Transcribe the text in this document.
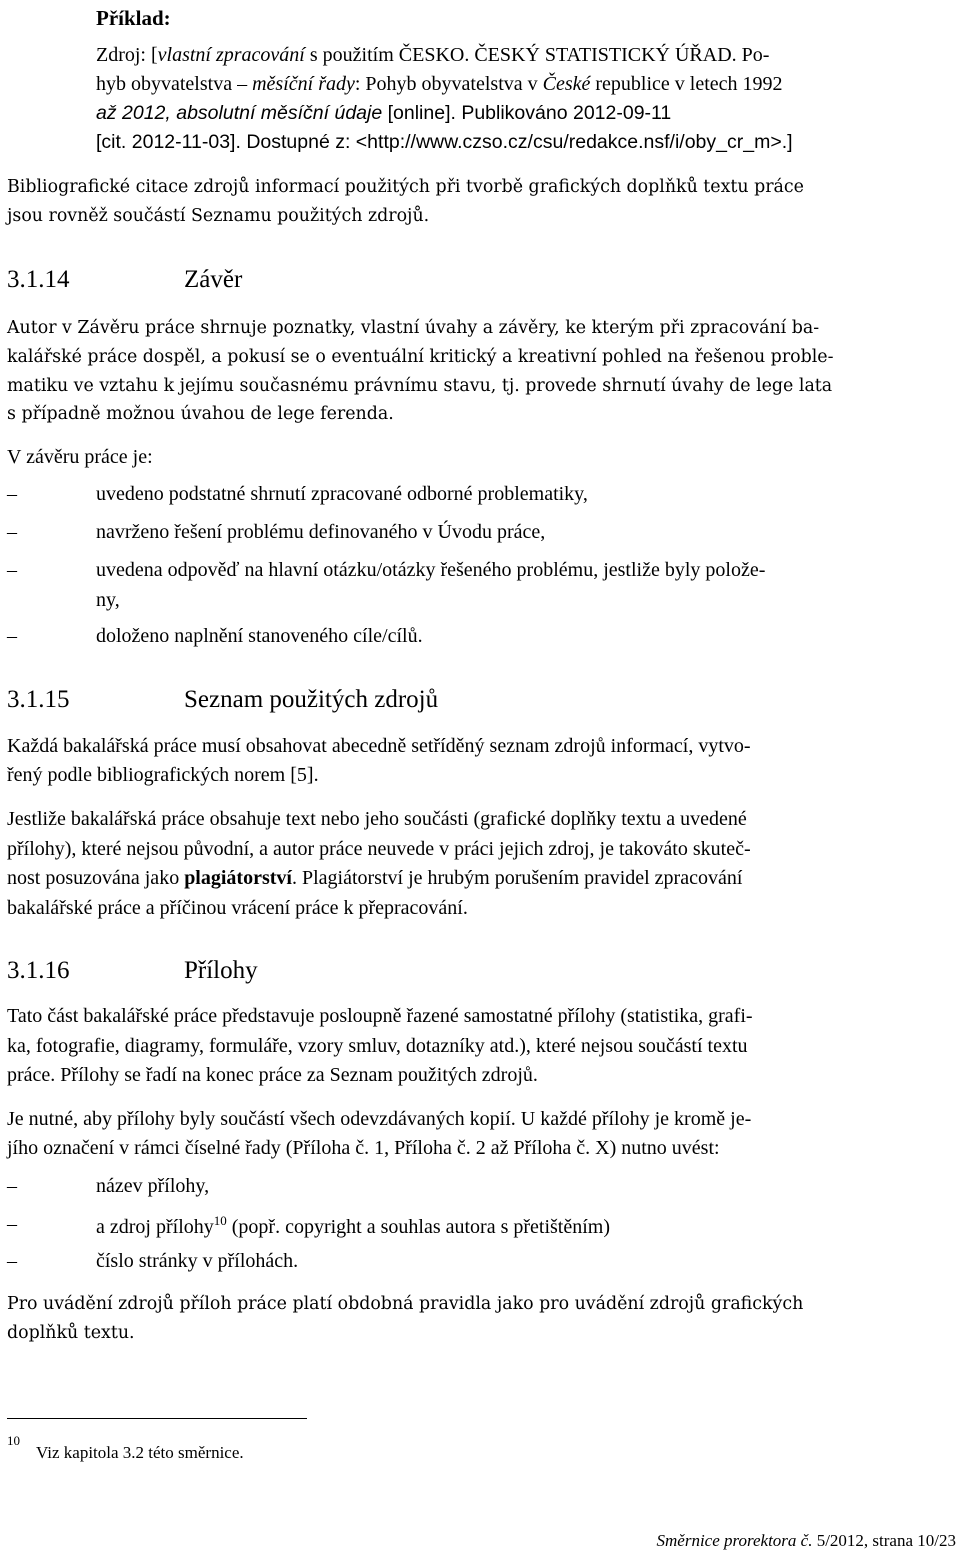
Příklad:
Zdroj: [vlastní zpracování s použitím ČESKO. ČESKÝ STATISTICKÝ ÚŘAD. Po-
hyb obyvatelstva – měsíční řady: Pohyb obyvatelstva v České republice v letech 1992
až 2012, absolutní měsíční údaje [online]. Publikováno 2012-09-11
[cit. 2012-11-03]. Dostupné z: <http://www.czso.cz/csu/redakce.nsf/i/oby_cr_m>.]
Bibliografické citace zdrojů informací použitých při tvorbě grafických doplňků textu práce
jsou rovněž součástí Seznamu použitých zdrojů.
3.1.14	Závěr
Autor v Závěru práce shrnuje poznatky, vlastní úvahy a závěry, ke kterým při zpracování ba-
kalářské práce dospěl, a pokusí se o eventuální kritický a kreativní pohled na řešenou proble-
matiku ve vztahu k jejímu současnému právnímu stavu, tj. provede shrnutí úvahy de lege lata
s případně možnou úvahou de lege ferenda.
V závěru práce je:
–	uvedeno podstatné shrnutí zpracované odborné problematiky,
–	navrženo řešení problému definovaného v Úvodu práce,
–	uvedena odpověď na hlavní otázku/otázky řešeného problému, jestliže byly polože-
ny,
–	doloženo naplnění stanoveného cíle/cílů.
3.1.15	Seznam použitých zdrojů
Každá bakalářská práce musí obsahovat abecedně setříděný seznam zdrojů informací, vytvo-
řený podle bibliografických norem [5].
Jestliže bakalářská práce obsahuje text nebo jeho součásti (grafické doplňky textu a uvedené
přílohy), které nejsou původní, a autor práce neuvede v práci jejich zdroj, je takováto skuteč-
nost posuzována jako plagiátorství. Plagiátorství je hrubým porušením pravidel zpracování
bakalářské práce a příčinou vrácení práce k přepracování.
3.1.16	Přílohy
Tato část bakalářské práce představuje posloupně řazené samostatné přílohy (statistika, grafi-
ka, fotografie, diagramy, formuláře, vzory smluv, dotazníky atd.), které nejsou součástí textu
práce. Přílohy se řadí na konec práce za Seznam použitých zdrojů.
Je nutné, aby přílohy byly součástí všech odevzdávaných kopií. U každé přílohy je kromě je-
jího označení v rámci číselné řady (Příloha č. 1, Příloha č. 2 až Příloha č. X) nutno uvést:
–	název přílohy,
–	a zdroj přílohy$^{10}$ (popř. copyright a souhlas autora s přetištěním)
–	číslo stránky v přílohách.
Pro uvádění zdrojů příloh práce platí obdobná pravidla jako pro uvádění zdrojů grafických
doplňků textu.
10
Viz kapitola 3.2 této směrnice.
Směrnice prorektora č. 5/2012, strana 10/23
